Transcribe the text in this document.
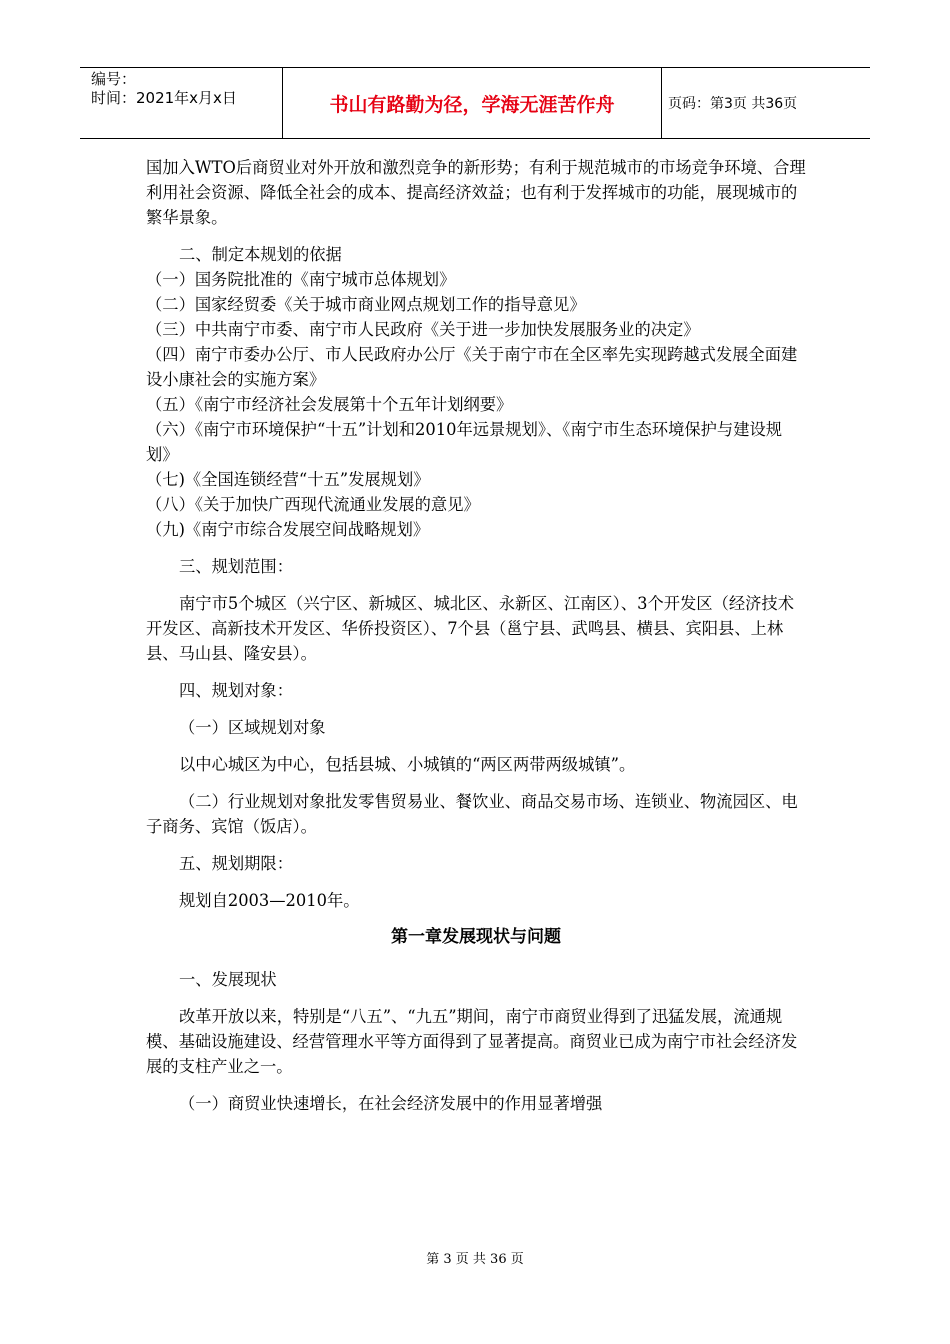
编号：
时间：2021年x月x日	书山有路勤为径，学海无涯苦作舟	页码：第3页 共36页

国加入WTO后商贸业对外开放和激烈竞争的新形势；有利于规范城市的市场竞争环境、合理利用社会资源、降低全社会的成本、提高经济效益；也有利于发挥城市的功能，展现城市的繁华景象。

二、制定本规划的依据

（一）国务院批准的《南宁城市总体规划》

（二）国家经贸委《关于城市商业网点规划工作的指导意见》

（三）中共南宁市委、南宁市人民政府《关于进一步加快发展服务业的决定》

（四）南宁市委办公厅、市人民政府办公厅《关于南宁市在全区率先实现跨越式发展全面建设小康社会的实施方案》

（五）《南宁市经济社会发展第十个五年计划纲要》

（六）《南宁市环境保护“十五”计划和2010年远景规划》、《南宁市生态环境保护与建设规划》

（七)《全国连锁经营“十五”发展规划》

（八）《关于加快广西现代流通业发展的意见》

（九)《南宁市综合发展空间战略规划》

三、规划范围：

南宁市5个城区（兴宁区、新城区、城北区、永新区、江南区）、3个开发区（经济技术开发区、高新技术开发区、华侨投资区）、7个县（邕宁县、武鸣县、横县、宾阳县、上林县、马山县、隆安县）。

四、规划对象：

（一）区域规划对象

以中心城区为中心，包括县城、小城镇的“两区两带两级城镇”。

（二）行业规划对象批发零售贸易业、餐饮业、商品交易市场、连锁业、物流园区、电子商务、宾馆（饭店）。

五、规划期限：

规划自2003—2010年。

第一章发展现状与问题

一、发展现状

改革开放以来，特别是“八五”、“九五”期间，南宁市商贸业得到了迅猛发展，流通规模、基础设施建设、经营管理水平等方面得到了显著提高。商贸业已成为南宁市社会经济发展的支柱产业之一。

（一）商贸业快速增长，在社会经济发展中的作用显著增强

第 3 页 共 36 页
